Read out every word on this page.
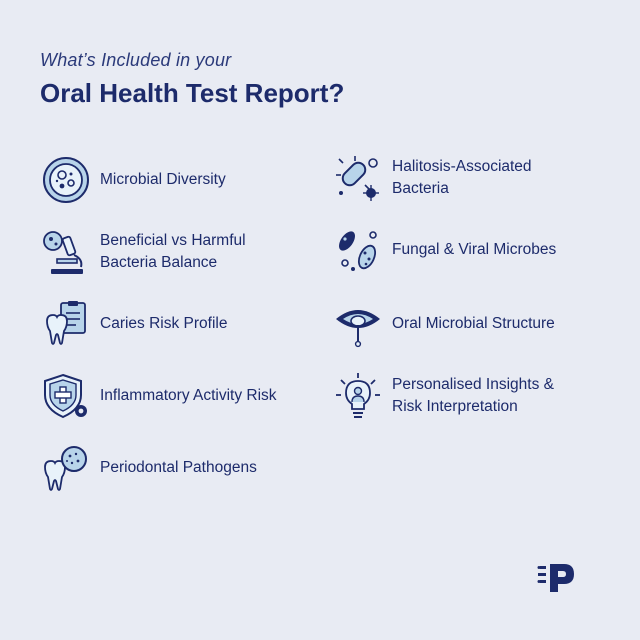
What’s Included in your
Oral Health Test Report?
Microbial Diversity
Beneficial vs Harmful
Bacteria Balance
Caries Risk Profile
Inflammatory Activity Risk
Periodontal Pathogens
Halitosis-Associated
Bacteria
Fungal & Viral Microbes
Oral Microbial Structure
Personalised Insights &
Risk Interpretation
